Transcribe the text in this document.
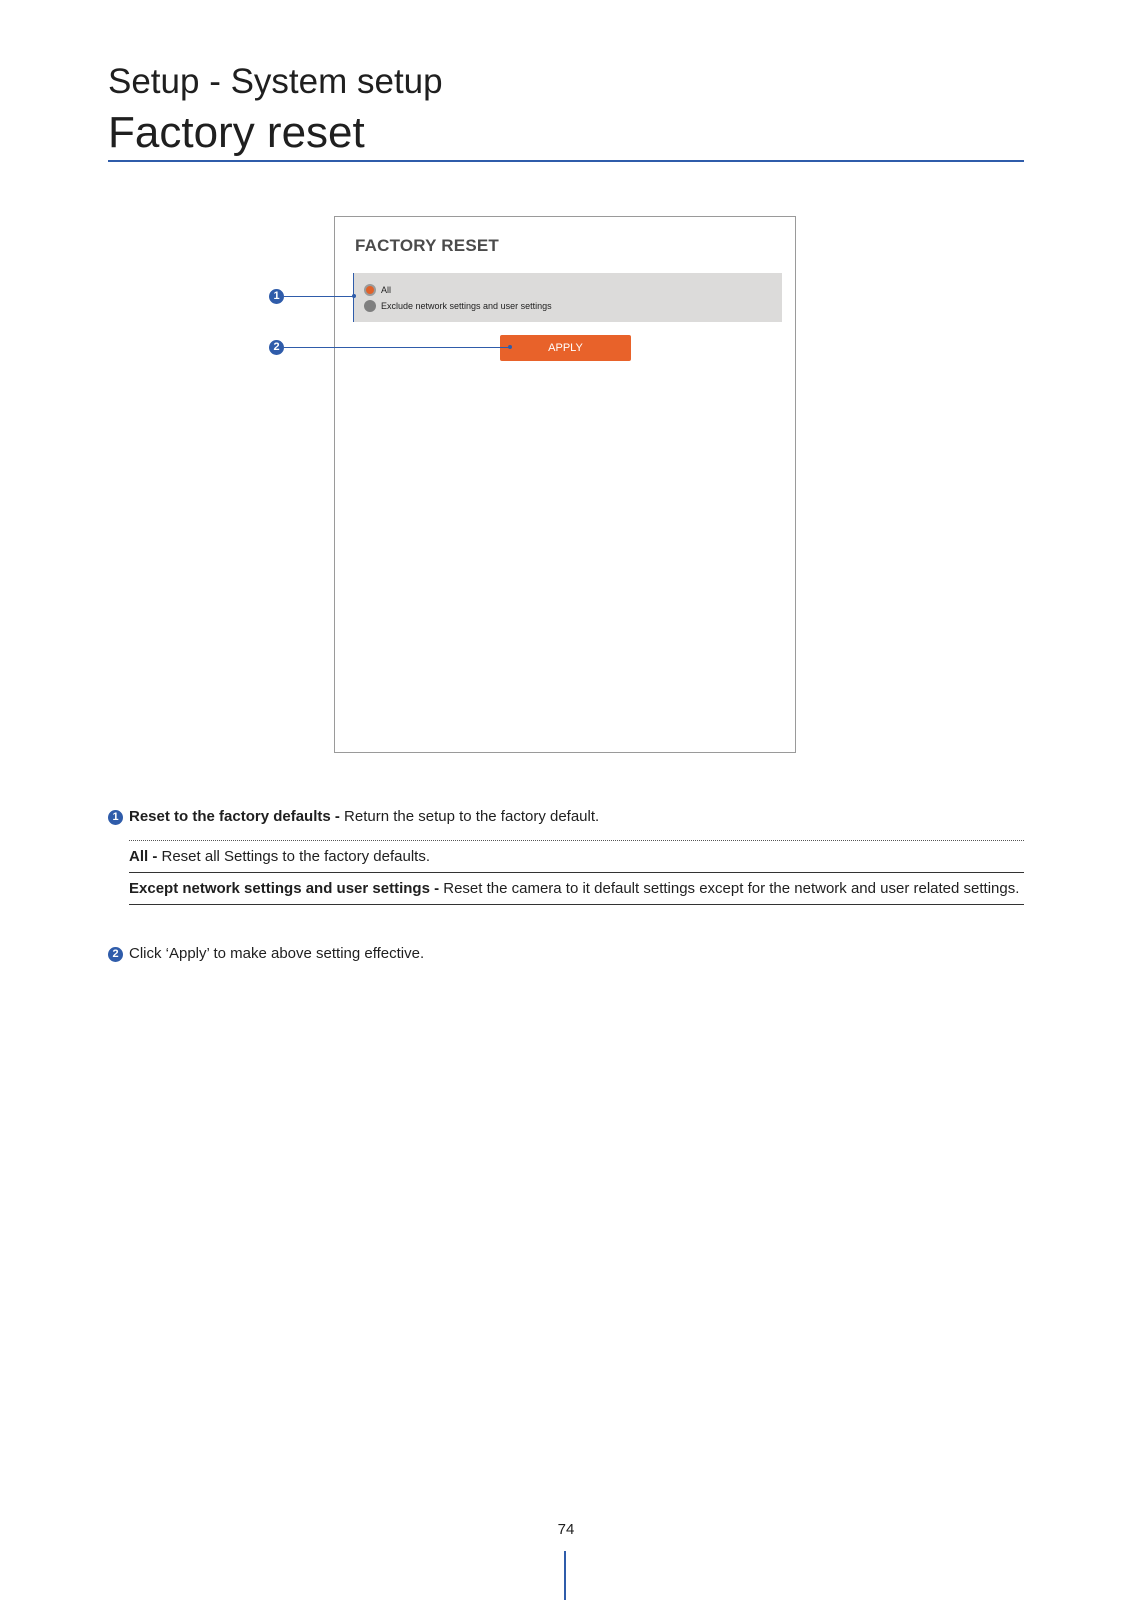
Setup - System setup
Factory reset
FACTORY RESET
All
Exclude network settings and user settings
APPLY
1
2
1 Reset to the factory defaults - Return the setup to the factory default.
All - Reset all Settings to the factory defaults.
Except network settings and user settings - Reset the camera to it default settings except for the network and user related settings.
2 Click ‘Apply’ to make above setting effective.
74
